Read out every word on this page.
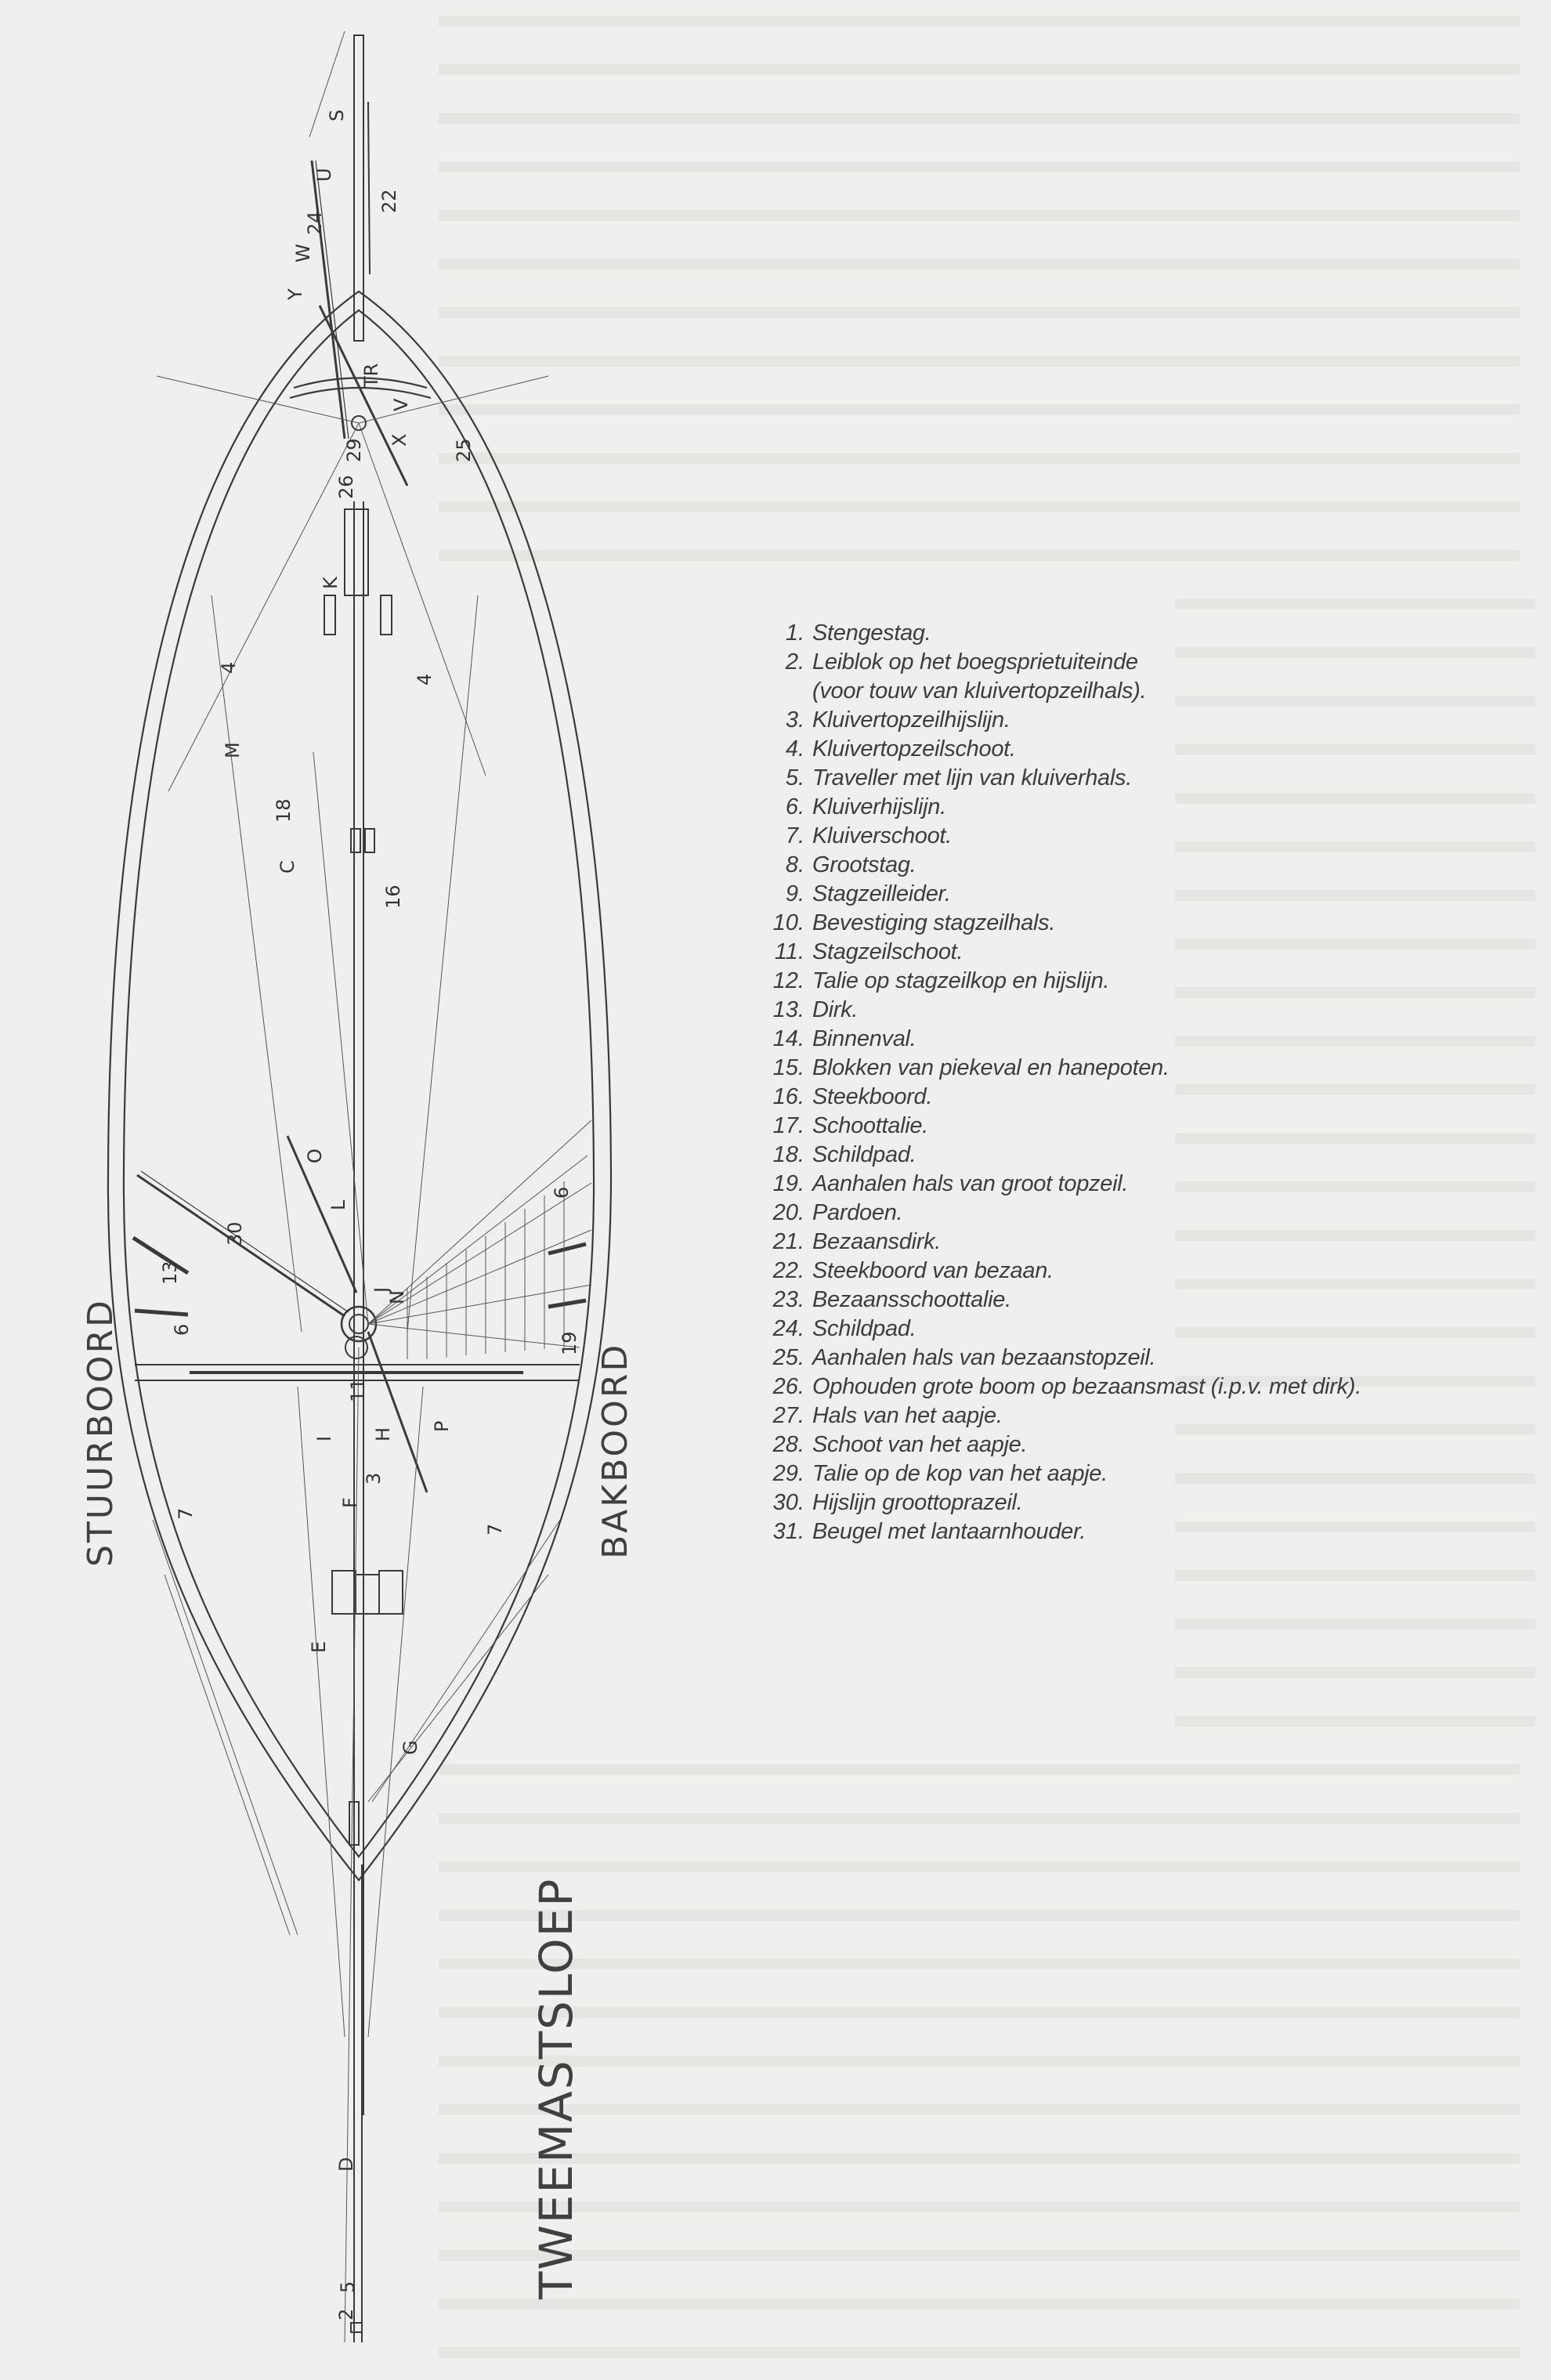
S
U
W
Y
TR
V
X
K
M
C
O
L
J
N
I H
F
P
E
G
D
22
24
29	25
26
4
4
18
16
30
13
6
6
19
11
3
7
7
5
2
STUURBOORD	BAKBOORD
TWEEMASTSLOEP
1. Stengestag.
2. Leiblok op het boegsprietuiteinde
(voor touw van kluivertopzeilhals).
3. Kluivertopzeilhijslijn.
4. Kluivertopzeilschoot.
5. Traveller met lijn van kluiverhals.
6. Kluiverhijslijn.
7. Kluiverschoot.
8. Grootstag.
9. Stagzeilleider.
10. Bevestiging stagzeilhals.
11. Stagzeilschoot.
12. Talie op stagzeilkop en hijslijn.
13. Dirk.
14. Binnenval.
15. Blokken van piekeval en hanepoten.
16. Steekboord.
17. Schoottalie.
18. Schildpad.
19. Aanhalen hals van groot topzeil.
20. Pardoen.
21. Bezaansdirk.
22. Steekboord van bezaan.
23. Bezaansschoottalie.
24. Schildpad.
25. Aanhalen hals van bezaanstopzeil.
26. Ophouden grote boom op bezaansmast (i.p.v. met dirk).
27. Hals van het aapje.
28. Schoot van het aapje.
29. Talie op de kop van het aapje.
30. Hijslijn groottoprazeil.
31. Beugel met lantaarnhouder.
